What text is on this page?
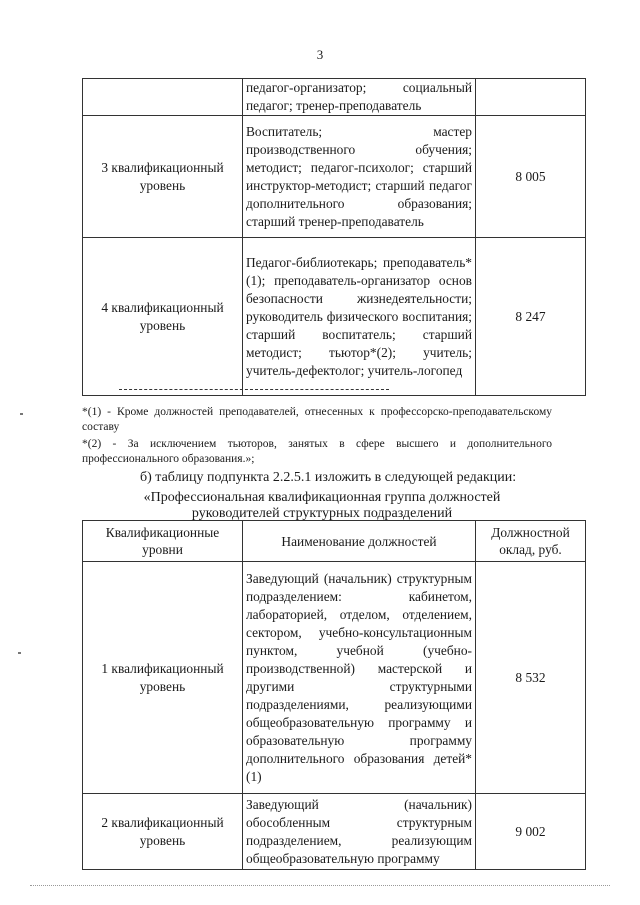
3
	педагог-организатор; социальный педагог; тренер-преподаватель	
3 квалификационный уровень	Воспитатель; мастер производственного обучения; методист; педагог-психолог; старший инструктор-методист; старший педагог дополнительного образования; старший тренер-преподаватель	8 005
4 квалификационный уровень	Педагог-библиотекарь; преподаватель*(1); преподаватель-организатор основ безопасности жизнедеятельности; руководитель физического воспитания; старший воспитатель; старший методист; тьютор*(2); учитель; учитель-дефектолог; учитель-логопед	8 247
*(1) - Кроме должностей преподавателей, отнесенных к профессорско-преподавательскому составу
*(2) - За исключением тьюторов, занятых в сфере высшего и дополнительного профессионального образования.»;
б) таблицу подпункта 2.2.5.1 изложить в следующей редакции:
«Профессиональная квалификационная группа должностей
руководителей структурных подразделений
Квалификационные уровни	Наименование должностей	Должностной оклад, руб.
1 квалификационный уровень	Заведующий (начальник) структурным подразделением: кабинетом, лабораторией, отделом, отделением, сектором, учебно-консультационным пунктом, учебной (учебно-производственной) мастерской и другими структурными подразделениями, реализующими общеобразовательную программу и образовательную программу дополнительного образования детей*(1)	8 532
2 квалификационный уровень	Заведующий (начальник) обособленным структурным подразделением, реализующим общеобразовательную программу	9 002
